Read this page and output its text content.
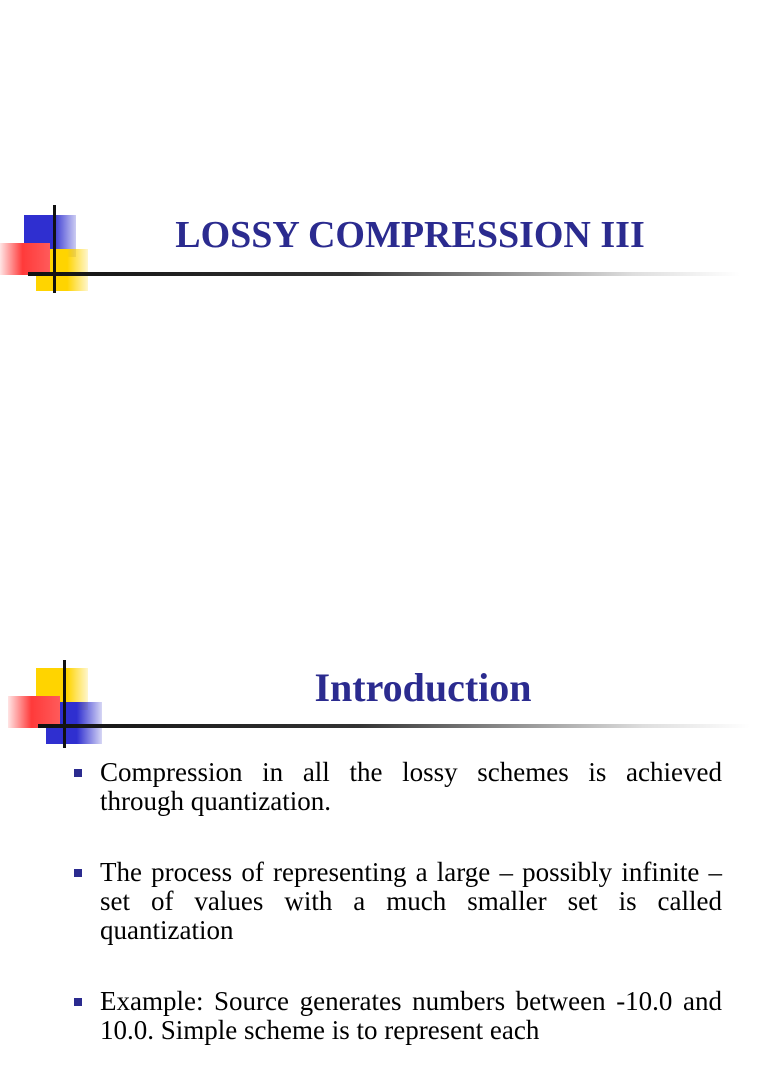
LOSSY COMPRESSION III
Introduction
Compression in all the lossy schemes is achieved through quantization.
The process of representing a large – possibly infinite – set of values with a much smaller set is called quantization
Example: Source generates numbers between -10.0 and 10.0. Simple scheme is to represent each
